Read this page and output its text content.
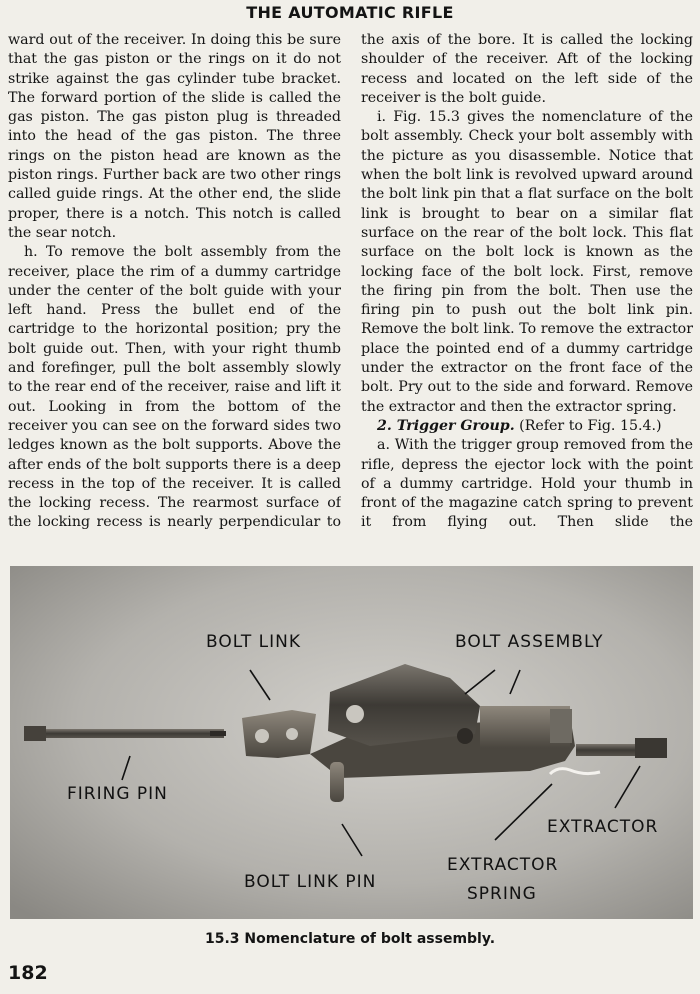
THE AUTOMATIC RIFLE

ward out of the receiver. In doing this be sure that the gas piston or the rings on it do not strike against the gas cylinder tube bracket. The forward portion of the slide is called the gas piston. The gas piston plug is threaded into the head of the gas piston. The three rings on the piston head are known as the piston rings. Further back are two other rings called guide rings. At the other end, the slide proper, there is a notch. This notch is called the sear notch.

h. To remove the bolt assembly from the receiver, place the rim of a dummy cartridge under the center of the bolt guide with your left hand. Press the bullet end of the cartridge to the horizontal position; pry the bolt guide out. Then, with your right thumb and forefinger, pull the bolt assembly slowly to the rear end of the receiver, raise and lift it out. Looking in from the bottom of the receiver you can see on the forward sides two ledges known as the bolt supports. Above the after ends of the bolt supports there is a deep recess in the top of the receiver. It is called the locking recess. The rearmost surface of the locking recess is nearly perpendicular to

the axis of the bore. It is called the locking shoulder of the receiver. Aft of the locking recess and located on the left side of the receiver is the bolt guide.

i. Fig. 15.3 gives the nomenclature of the bolt assembly. Check your bolt assembly with the picture as you disassemble. Notice that when the bolt link is revolved upward around the bolt link pin that a flat surface on the bolt link is brought to bear on a similar flat surface on the rear of the bolt lock. This flat surface on the bolt lock is known as the locking face of the bolt lock. First, remove the firing pin from the bolt. Then use the firing pin to push out the bolt link pin. Remove the bolt link. To remove the extractor place the pointed end of a dummy cartridge under the extractor on the front face of the bolt. Pry out to the side and forward. Remove the extractor and then the extractor spring.

2. Trigger Group. (Refer to Fig. 15.4.)

a. With the trigger group removed from the rifle, depress the ejector lock with the point of a dummy cartridge. Hold your thumb in front of the magazine catch spring to prevent it from flying out. Then slide the

BOLT LINK	BOLT ASSEMBLY
FIRING PIN
EXTRACTOR
EXTRACTOR
SPRING
BOLT LINK PIN
15.3 Nomenclature of bolt assembly.
182
